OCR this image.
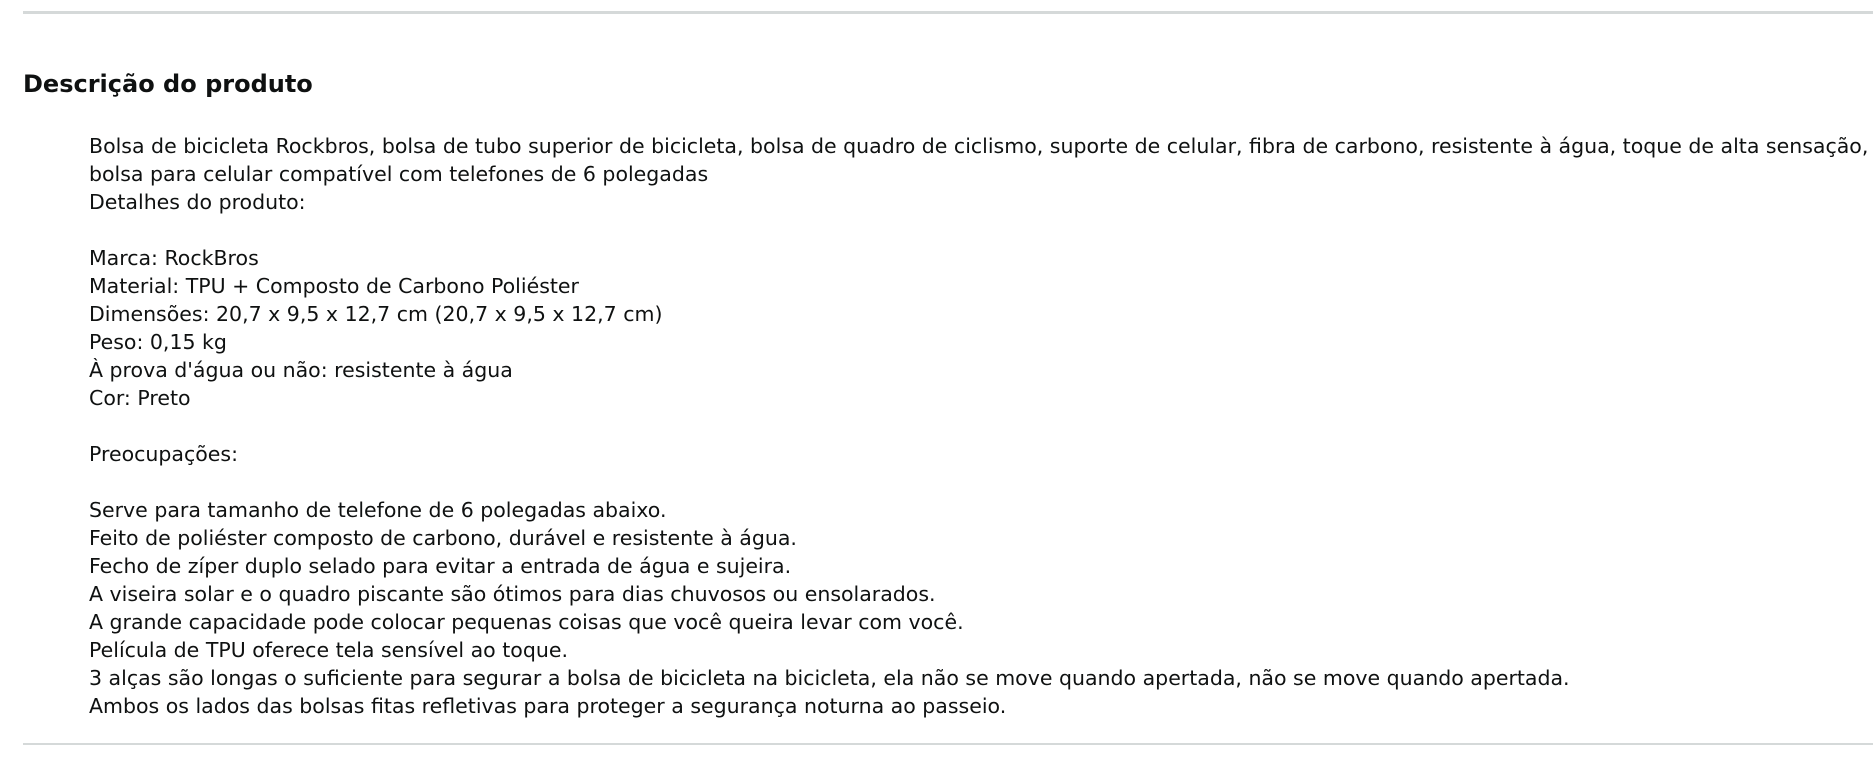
Descrição do produto
Bolsa de bicicleta Rockbros, bolsa de tubo superior de bicicleta, bolsa de quadro de ciclismo, suporte de celular, fibra de carbono, resistente à água, toque de alta sensação, bolsa para celular compatível com telefones de 6 polegadas
Detalhes do produto:
Marca: RockBros
Material: TPU + Composto de Carbono Poliéster
Dimensões: 20,7 x 9,5 x 12,7 cm (20,7 x 9,5 x 12,7 cm)
Peso: 0,15 kg
À prova d'água ou não: resistente à água
Cor: Preto
Preocupações:
Serve para tamanho de telefone de 6 polegadas abaixo.
Feito de poliéster composto de carbono, durável e resistente à água.
Fecho de zíper duplo selado para evitar a entrada de água e sujeira.
A viseira solar e o quadro piscante são ótimos para dias chuvosos ou ensolarados.
A grande capacidade pode colocar pequenas coisas que você queira levar com você.
Película de TPU oferece tela sensível ao toque.
3 alças são longas o suficiente para segurar a bolsa de bicicleta na bicicleta, ela não se move quando apertada, não se move quando apertada.
Ambos os lados das bolsas fitas refletivas para proteger a segurança noturna ao passeio.
